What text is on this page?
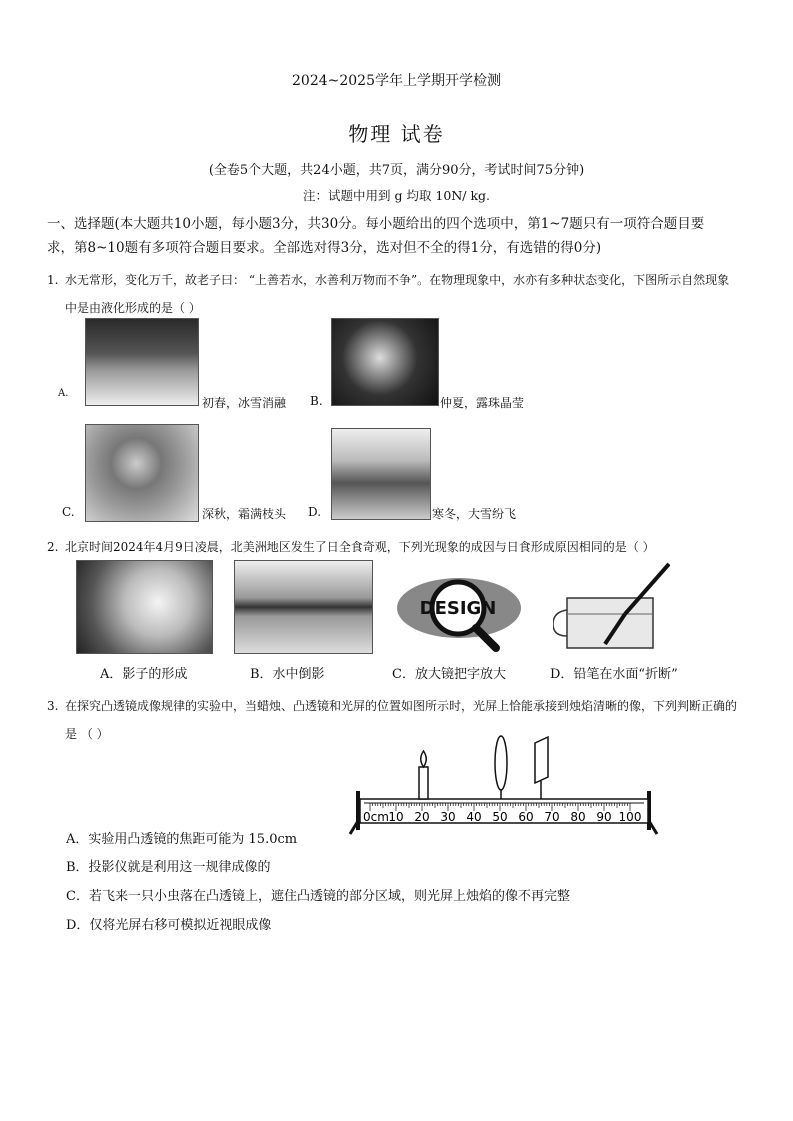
2024~2025学年上学期开学检测
物理 试卷
(全卷5个大题，共24小题，共7页，满分90分，考试时间75分钟)
注：试题中用到 g 均取 10N/ kg.
一、选择题(本大题共10小题，每小题3分，共30分。每小题给出的四个选项中，第1~7题只有一项符合题目要
求，第8~10题有多项符合题目要求。全部选对得3分，选对但不全的得1分，有选错的得0分)
1. 水无常形，变化万千，故老子曰： “上善若水，水善利万物而不争”。在物理现象中，水亦有多种状态变化，下图所示自然现象
中是由液化形成的是（ ）
A.
初春，冰雪消融 B.	仲夏，露珠晶莹
C.	深秋，霜满枝头 D.	寒冬，大雪纷飞
2. 北京时间2024年4月9日凌晨，北美洲地区发生了日全食奇观，下列光现象的成因与日食形成原因相同的是（ ）
A．影子的形成	B．水中倒影
DESIGN
C．放大镜把字放大	D．铅笔在水面“折断”
3. 在探究凸透镜成像规律的实验中，当蜡烛、凸透镜和光屏的位置如图所示时，光屏上恰能承接到烛焰清晰的像，下列判断正确的
是 （ ）
0cm 10 20 30 40 50 60 70 80 90 100
A．实验用凸透镜的焦距可能为 15.0cm
B．投影仪就是利用这一规律成像的
C．若飞来一只小虫落在凸透镜上，遮住凸透镜的部分区域，则光屏上烛焰的像不再完整
D．仅将光屏右移可模拟近视眼成像
